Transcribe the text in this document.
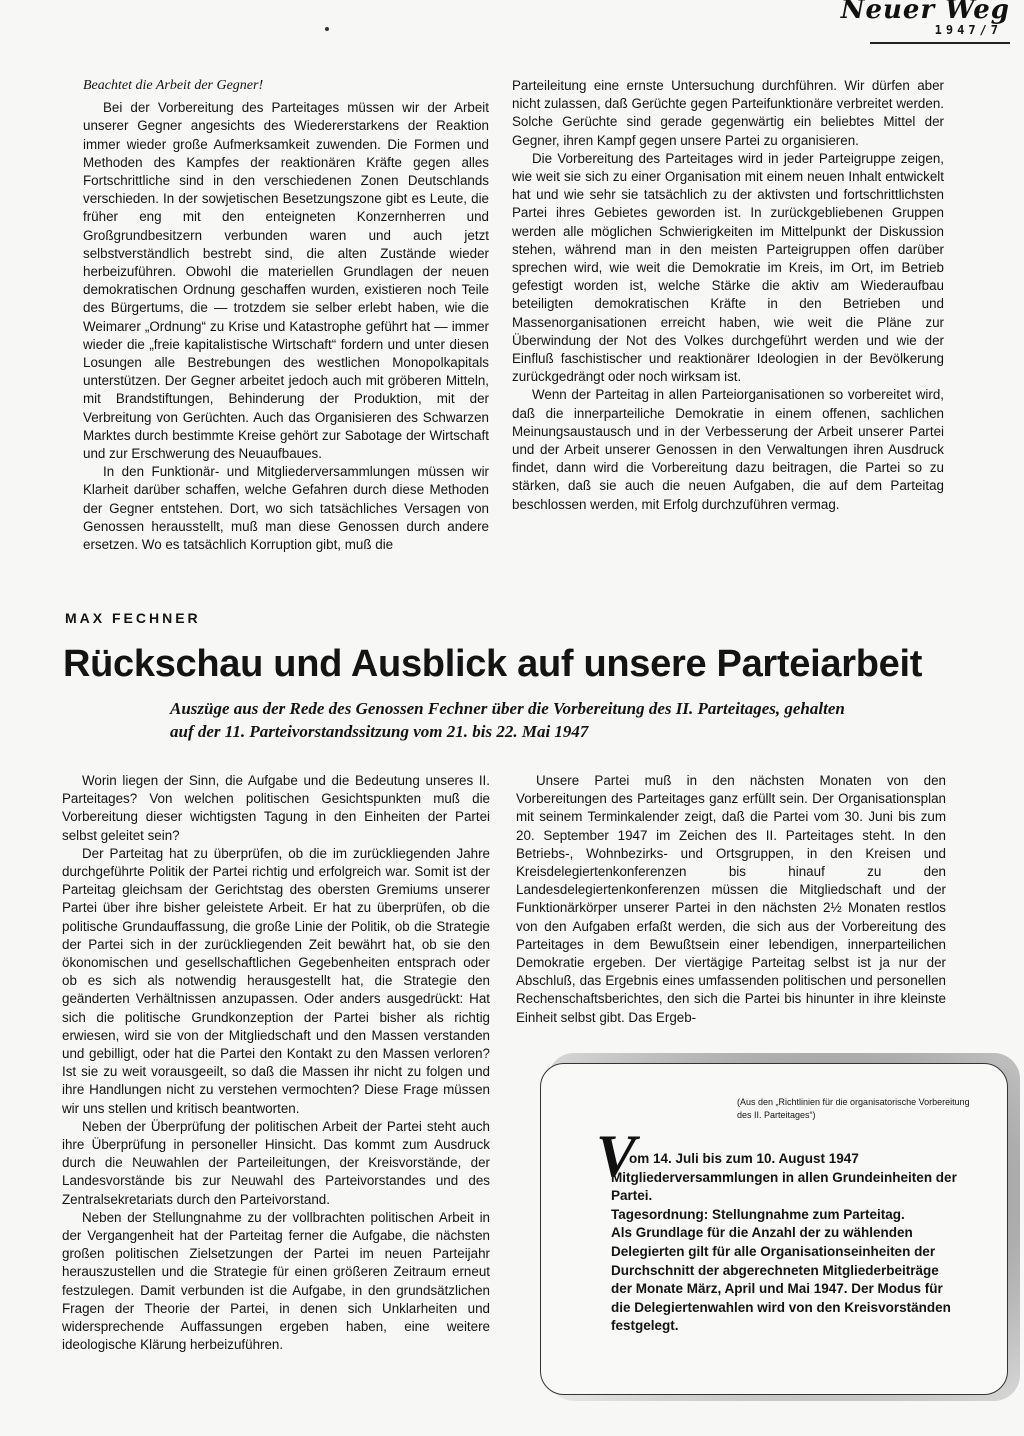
Neuer Weg
1947/7

Beachtet die Arbeit der Gegner!

Bei der Vorbereitung des Parteitages müssen wir der Arbeit unserer Gegner angesichts des Wiedererstarkens der Reaktion immer wieder große Aufmerksamkeit zuwenden. Die Formen und Methoden des Kampfes der reaktionären Kräfte gegen alles Fortschrittliche sind in den verschiedenen Zonen Deutschlands verschieden. In der sowjetischen Besetzungszone gibt es Leute, die früher eng mit den enteigneten Konzernherren und Großgrundbesitzern verbunden waren und auch jetzt selbstverständlich bestrebt sind, die alten Zustände wieder herbeizuführen. Obwohl die materiellen Grundlagen der neuen demokratischen Ordnung geschaffen wurden, existieren noch Teile des Bürgertums, die — trotzdem sie selber erlebt haben, wie die Weimarer „Ordnung“ zu Krise und Katastrophe geführt hat — immer wieder die „freie kapitalistische Wirtschaft“ fordern und unter diesen Losungen alle Bestrebungen des westlichen Monopolkapitals unterstützen. Der Gegner arbeitet jedoch auch mit gröberen Mitteln, mit Brandstiftungen, Behinderung der Produktion, mit der Verbreitung von Gerüchten. Auch das Organisieren des Schwarzen Marktes durch bestimmte Kreise gehört zur Sabotage der Wirtschaft und zur Erschwerung des Neuaufbaues.

In den Funktionär- und Mitgliederversammlungen müssen wir Klarheit darüber schaffen, welche Gefahren durch diese Methoden der Gegner entstehen. Dort, wo sich tatsächliches Versagen von Genossen herausstellt, muß man diese Genossen durch andere ersetzen. Wo es tatsächlich Korruption gibt, muß die

Parteileitung eine ernste Untersuchung durchführen. Wir dürfen aber nicht zulassen, daß Gerüchte gegen Parteifunktionäre verbreitet werden. Solche Gerüchte sind gerade gegenwärtig ein beliebtes Mittel der Gegner, ihren Kampf gegen unsere Partei zu organisieren.

Die Vorbereitung des Parteitages wird in jeder Parteigruppe zeigen, wie weit sie sich zu einer Organisation mit einem neuen Inhalt entwickelt hat und wie sehr sie tatsächlich zu der aktivsten und fortschrittlichsten Partei ihres Gebietes geworden ist. In zurückgebliebenen Gruppen werden alle möglichen Schwierigkeiten im Mittelpunkt der Diskussion stehen, während man in den meisten Parteigruppen offen darüber sprechen wird, wie weit die Demokratie im Kreis, im Ort, im Betrieb gefestigt worden ist, welche Stärke die aktiv am Wiederaufbau beteiligten demokratischen Kräfte in den Betrieben und Massenorganisationen erreicht haben, wie weit die Pläne zur Überwindung der Not des Volkes durchgeführt werden und wie der Einfluß faschistischer und reaktionärer Ideologien in der Bevölkerung zurückgedrängt oder noch wirksam ist.

Wenn der Parteitag in allen Parteiorganisationen so vorbereitet wird, daß die innerparteiliche Demokratie in einem offenen, sachlichen Meinungsaustausch und in der Verbesserung der Arbeit unserer Partei und der Arbeit unserer Genossen in den Verwaltungen ihren Ausdruck findet, dann wird die Vorbereitung dazu beitragen, die Partei so zu stärken, daß sie auch die neuen Aufgaben, die auf dem Parteitag beschlossen werden, mit Erfolg durchzuführen vermag.

MAX FECHNER
Rückschau und Ausblick auf unsere Parteiarbeit
Auszüge aus der Rede des Genossen Fechner über die Vorbereitung des II. Parteitages, gehalten auf der 11. Parteivorstandssitzung vom 21. bis 22. Mai 1947

Worin liegen der Sinn, die Aufgabe und die Bedeutung unseres II. Parteitages? Von welchen politischen Gesichtspunkten muß die Vorbereitung dieser wichtigsten Tagung in den Einheiten der Partei selbst geleitet sein?

Der Parteitag hat zu überprüfen, ob die im zurückliegenden Jahre durchgeführte Politik der Partei richtig und erfolgreich war. Somit ist der Parteitag gleichsam der Gerichtstag des obersten Gremiums unserer Partei über ihre bisher geleistete Arbeit. Er hat zu überprüfen, ob die politische Grundauffassung, die große Linie der Politik, ob die Strategie der Partei sich in der zurückliegenden Zeit bewährt hat, ob sie den ökonomischen und gesellschaftlichen Gegebenheiten entsprach oder ob es sich als notwendig herausgestellt hat, die Strategie den geänderten Verhältnissen anzupassen. Oder anders ausgedrückt: Hat sich die politische Grundkonzeption der Partei bisher als richtig erwiesen, wird sie von der Mitgliedschaft und den Massen verstanden und gebilligt, oder hat die Partei den Kontakt zu den Massen verloren? Ist sie zu weit vorausgeeilt, so daß die Massen ihr nicht zu folgen und ihre Handlungen nicht zu verstehen vermochten? Diese Frage müssen wir uns stellen und kritisch beantworten.

Neben der Überprüfung der politischen Arbeit der Partei steht auch ihre Überprüfung in personeller Hinsicht. Das kommt zum Ausdruck durch die Neuwahlen der Parteileitungen, der Kreisvorstände, der Landesvorstände bis zur Neuwahl des Parteivorstandes und des Zentralsekretariats durch den Parteivorstand.

Neben der Stellungnahme zu der vollbrachten politischen Arbeit in der Vergangenheit hat der Parteitag ferner die Aufgabe, die nächsten großen politischen Zielsetzungen der Partei im neuen Parteijahr herauszustellen und die Strategie für einen größeren Zeitraum erneut festzulegen. Damit verbunden ist die Aufgabe, in den grundsätzlichen Fragen der Theorie der Partei, in denen sich Unklarheiten und widersprechende Auffassungen ergeben haben, eine weitere ideologische Klärung herbeizuführen.

Unsere Partei muß in den nächsten Monaten von den Vorbereitungen des Parteitages ganz erfüllt sein. Der Organisationsplan mit seinem Terminkalender zeigt, daß die Partei vom 30. Juni bis zum 20. September 1947 im Zeichen des II. Parteitages steht. In den Betriebs-, Wohnbezirks- und Ortsgruppen, in den Kreisen und Kreisdelegiertenkonferenzen bis hinauf zu den Landesdelegiertenkonferenzen müssen die Mitgliedschaft und der Funktionärkörper unserer Partei in den nächsten 2½ Monaten restlos von den Aufgaben erfaßt werden, die sich aus der Vorbereitung des Parteitages in dem Bewußtsein einer lebendigen, innerparteilichen Demokratie ergeben. Der viertägige Parteitag selbst ist ja nur der Abschluß, das Ergebnis eines umfassenden politischen und personellen Rechenschaftsberichtes, den sich die Partei bis hinunter in ihre kleinste Einheit selbst gibt. Das Ergeb-

(Aus den „Richtlinien für die organisatorische Vorbereitung des II. Parteitages“)
V

om 14. Juli bis zum 10. August 1947 Mitgliederversammlungen in allen Grundeinheiten der Partei.

Tagesordnung: Stellungnahme zum Parteitag.

Als Grundlage für die Anzahl der zu wählenden Delegierten gilt für alle Organisationseinheiten der Durchschnitt der abgerechneten Mitgliederbeiträge der Monate März, April und Mai 1947. Der Modus für die Delegiertenwahlen wird von den Kreisvorständen festgelegt.
